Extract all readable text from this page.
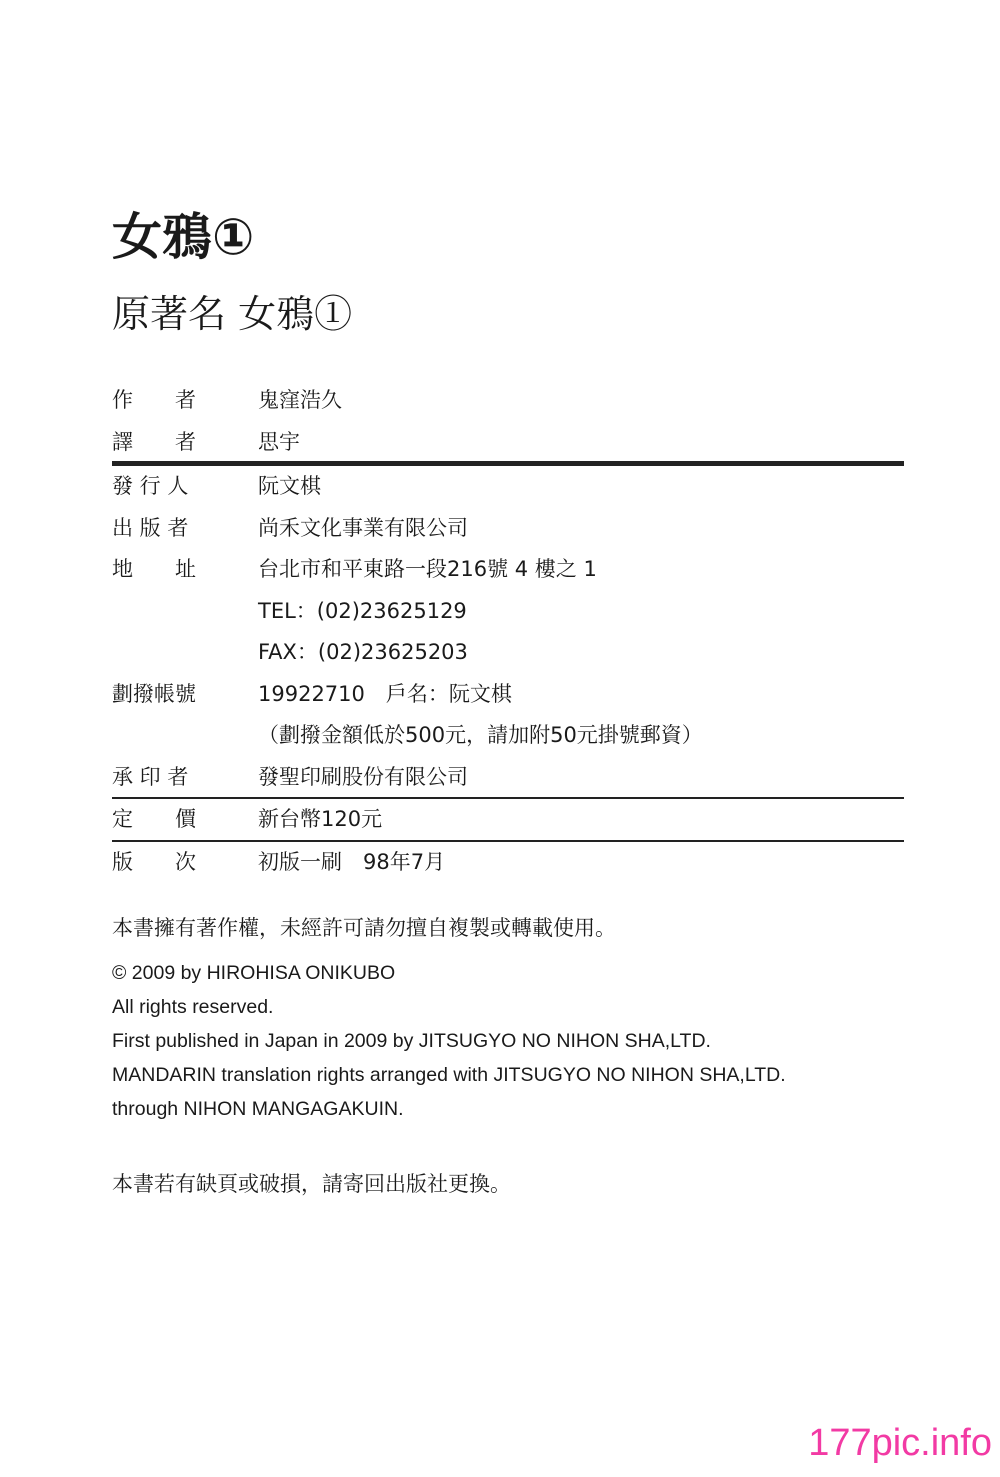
女鴉①
原著名 女鴉①
作　　者	鬼窪浩久
譯　　者	思宇
發 行 人	阮文棋
出 版 者	尚禾文化事業有限公司
地　　址	台北市和平東路一段216號 4 樓之 1
TEL：(02)23625129
FAX：(02)23625203
劃撥帳號	19922710　戶名：阮文棋
（劃撥金額低於500元，請加附50元掛號郵資）
承 印 者	發聖印刷股份有限公司
定　　價	新台幣120元
版　　次	初版一刷　98年7月
本書擁有著作權，未經許可請勿擅自複製或轉載使用。
© 2009 by HIROHISA ONIKUBO
All rights reserved.
First published in Japan in 2009 by JITSUGYO NO NIHON SHA,LTD.
MANDARIN translation rights arranged with JITSUGYO NO NIHON SHA,LTD.
through NIHON MANGAGAKUIN.
本書若有缺頁或破損，請寄回出版社更換。
177pic.info
